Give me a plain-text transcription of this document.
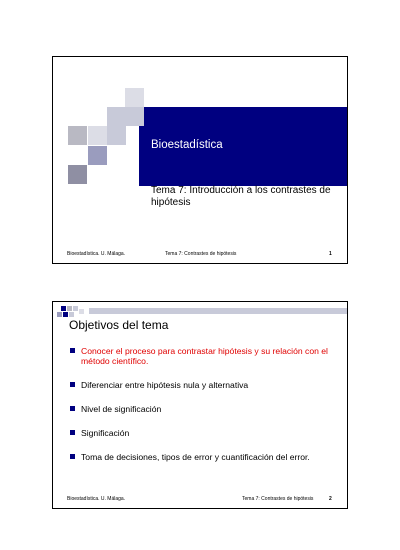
Bioestadística
Tema 7: Introducción a los contrastes de hipótesis
Bioestadística. U. Málaga.	Tema 7: Contrastes de hipótesis	1
Objetivos del tema
Conocer el proceso para contrastar hipótesis y su relación con el método científico.
Diferenciar entre hipótesis nula y alternativa
Nivel de significación
Significación
Toma de decisiones, tipos de error y cuantificación del error.
Bioestadística. U. Málaga.	Tema 7: Contrastes de hipótesis	2
